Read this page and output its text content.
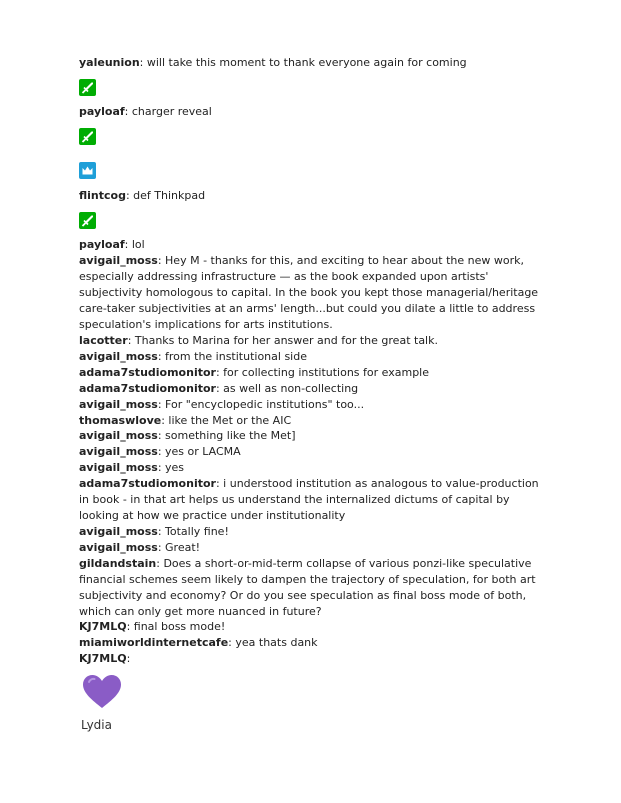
yaleunion: will take this moment to thank everyone again for coming
payloaf: charger reveal
flintcog: def Thinkpad
payloaf: lol
avigail_moss: Hey M - thanks for this, and exciting to hear about the new work, especially addressing infrastructure — as the book expanded upon artists' subjectivity homologous to capital. In the book you kept those managerial/heritage care-taker subjectivities at an arms' length...but could you dilate a little to address speculation's implications for arts institutions.
lacotter: Thanks to Marina for her answer and for the great talk.
avigail_moss: from the institutional side
adama7studiomonitor: for collecting institutions for example
adama7studiomonitor: as well as non-collecting
avigail_moss: For "encyclopedic institutions" too...
thomaswlove: like the Met or the AIC
avigail_moss: something like the Met]
avigail_moss: yes or LACMA
avigail_moss: yes
adama7studiomonitor: i understood institution as analogous to value-production in book - in that art helps us understand the internalized dictums of capital by looking at how we practice under institutionality
avigail_moss: Totally fine!
avigail_moss: Great!
gildandstain: Does a short-or-mid-term collapse of various ponzi-like speculative financial schemes seem likely to dampen the trajectory of speculation, for both art subjectivity and economy? Or do you see speculation as final boss mode of both, which can only get more nuanced in future?
KJ7MLQ: final boss mode!
miamiworldinternetcafe: yea thats dank
KJ7MLQ:
Lydia
